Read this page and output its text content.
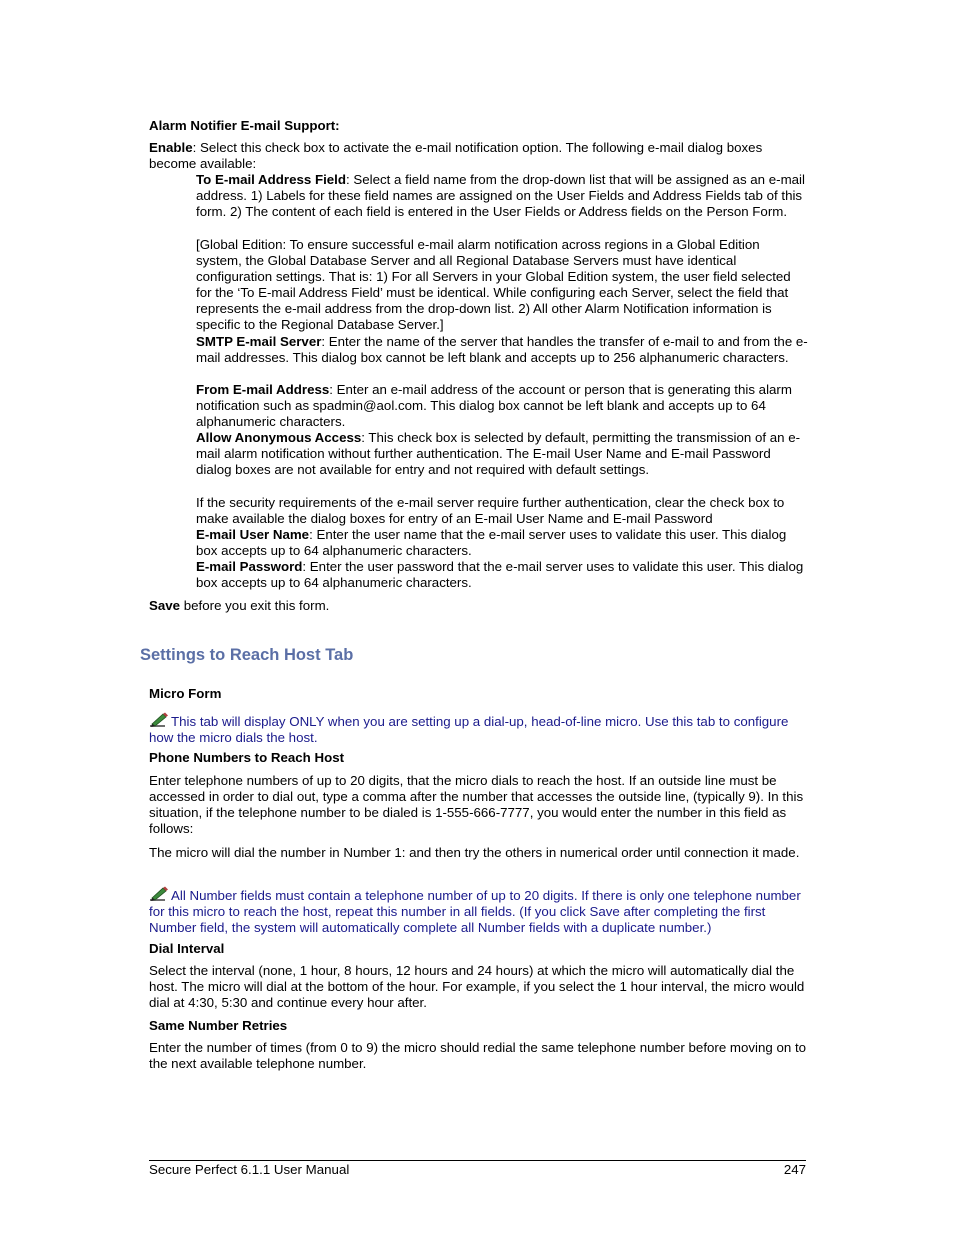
Alarm Notifier E-mail Support:

Enable: Select this check box to activate the e-mail notification option. The following e-mail dialog boxes become available:

To E-mail Address Field: Select a field name from the drop-down list that will be assigned as an e-mail address. 1) Labels for these field names are assigned on the User Fields and Address Fields tab of this form. 2) The content of each field is entered in the User Fields or Address fields on the Person Form.

[Global Edition: To ensure successful e-mail alarm notification across regions in a Global Edition system, the Global Database Server and all Regional Database Servers must have identical configuration settings. That is: 1) For all Servers in your Global Edition system, the user field selected for the ‘To E-mail Address Field’ must be identical. While configuring each Server, select the field that represents the e-mail address from the drop-down list. 2) All other Alarm Notification information is specific to the Regional Database Server.]

SMTP E-mail Server: Enter the name of the server that handles the transfer of e-mail to and from the e-mail addresses. This dialog box cannot be left blank and accepts up to 256 alphanumeric characters.

From E-mail Address: Enter an e-mail address of the account or person that is generating this alarm notification such as spadmin@aol.com. This dialog box cannot be left blank and accepts up to 64 alphanumeric characters.

Allow Anonymous Access: This check box is selected by default, permitting the transmission of an e-mail alarm notification without further authentication. The E-mail User Name and E-mail Password dialog boxes are not available for entry and not required with default settings.

If the security requirements of the e-mail server require further authentication, clear the check box to make available the dialog boxes for entry of an E-mail User Name and E-mail Password

E-mail User Name: Enter the user name that the e-mail server uses to validate this user. This dialog box accepts up to 64 alphanumeric characters.

E-mail Password: Enter the user password that the e-mail server uses to validate this user. This dialog box accepts up to 64 alphanumeric characters.

Save before you exit this form.

Settings to Reach Host Tab

Micro Form

This tab will display ONLY when you are setting up a dial-up, head-of-line micro. Use this tab to configure how the micro dials the host.

Phone Numbers to Reach Host

Enter telephone numbers of up to 20 digits, that the micro dials to reach the host. If an outside line must be accessed in order to dial out, type a comma after the number that accesses the outside line, (typically 9). In this situation, if the telephone number to be dialed is 1-555-666-7777, you would enter the number in this field as follows:

The micro will dial the number in Number 1: and then try the others in numerical order until connection it made.

All Number fields must contain a telephone number of up to 20 digits. If there is only one telephone number for this micro to reach the host, repeat this number in all fields. (If you click Save after completing the first Number field, the system will automatically complete all Number fields with a duplicate number.)

Dial Interval

Select the interval (none, 1 hour, 8 hours, 12 hours and 24 hours) at which the micro will automatically dial the host. The micro will dial at the bottom of the hour. For example, if you select the 1 hour interval, the micro would dial at 4:30, 5:30 and continue every hour after.

Same Number Retries

Enter the number of times (from 0 to 9) the micro should redial the same telephone number before moving on to the next available telephone number.

Secure Perfect 6.1.1 User Manual	247
